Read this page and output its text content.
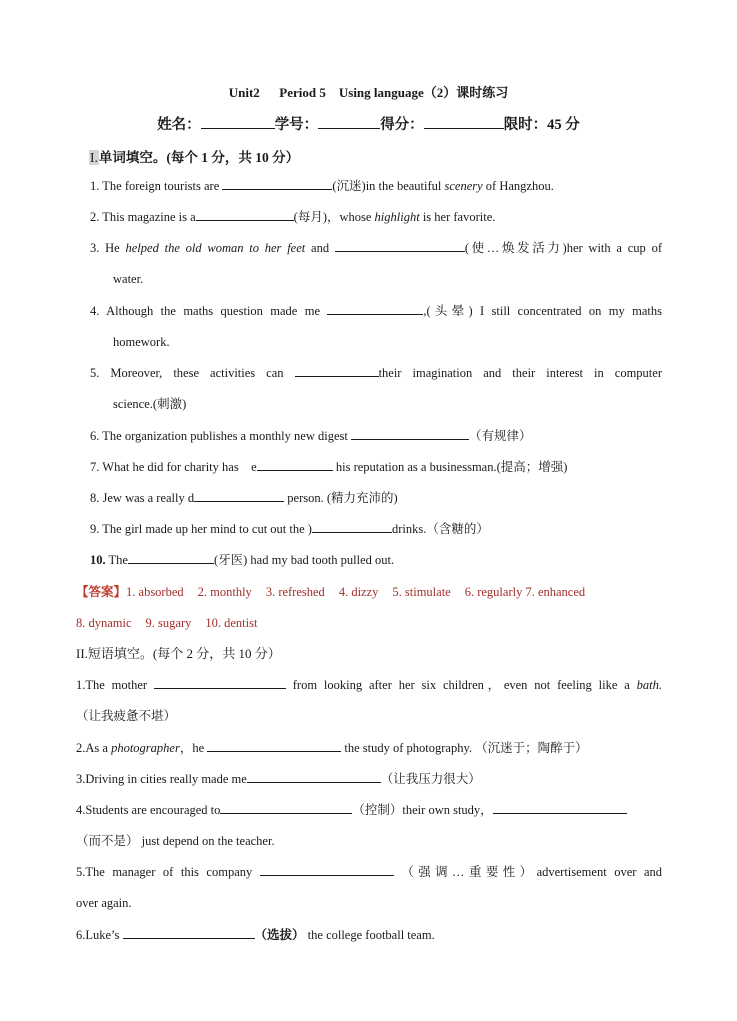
Unit2      Period 5    Using language（2）课时练习
姓名：	学号：	得分：	限时：45 分
I.单词填空。(每个 1 分，共 10 分）
1. The foreign tourists are	(沉迷)in the beautiful scenery of Hangzhou.
2. This magazine is a	(每月)，whose highlight is her favorite.
3. He helped the old woman to her feet and	(使…焕发活力)her with a cup of
water.
4. Although the maths question made me	,(头晕) I still concentrated on my maths
homework.
5. Moreover, these activities can	their imagination and their interest in computer
science.(刺激)
6. The organization publishes a monthly new digest	（有规律）
7. What he did for charity has    e	his reputation as a businessman.(提高；增强)
8. Jew was a really d	person. (精力充沛的)
9. The girl made up her mind to cut out the )	drinks.（含糖的）
10. The	(牙医) had my bad tooth pulled out.
【答案】1. absorbed 2. monthly 3. refreshed 4. dizzy 5. stimulate 6. regularly 7. enhanced
8. dynamic 9. sugary 10. dentist
II.短语填空。(每个 2 分，共 10 分）
1.The mother	from looking after her six children，even not feeling like a bath.
（让我疲惫不堪）
2.As a photographer，he	the study of photography. （沉迷于；陶醉于）
3.Driving in cities really made me	（让我压力很大）
4.Students are encouraged to	（控制）their own study，
（而不是） just depend on the teacher.
5.The manager of this company	（强调…重要性）advertisement over and
over again.
6.Luke’s	（选拔） the college football team.
